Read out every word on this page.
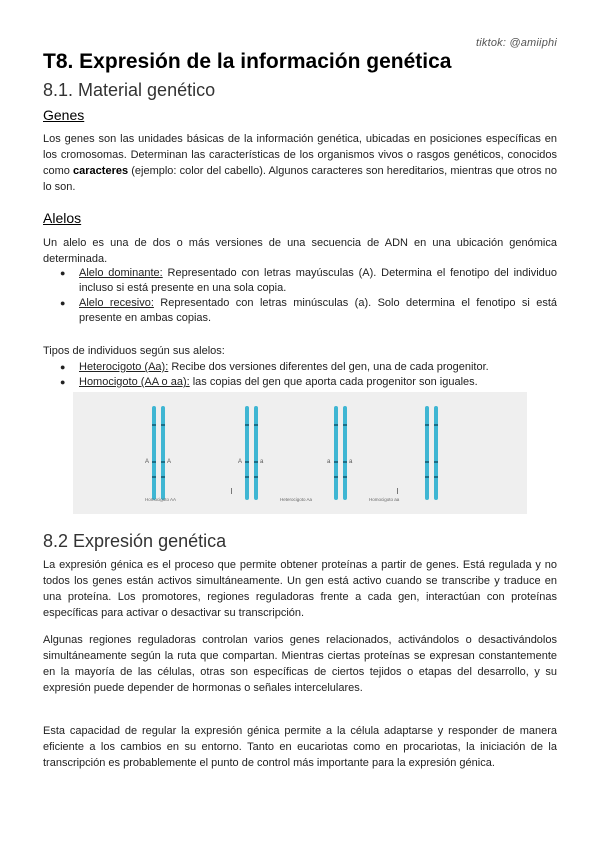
tiktok: @amiiphi
T8. Expresión de la información genética
8.1. Material genético
Genes

Los genes son las unidades básicas de la información genética, ubicadas en posiciones específicas en los cromosomas. Determinan las características de los organismos vivos o rasgos genéticos, conocidos como caracteres (ejemplo: color del cabello). Algunos caracteres son hereditarios, mientras que otros no lo son.

Alelos

Un alelo es una de dos o más versiones de una secuencia de ADN en una ubicación genómica determinada.

● Alelo dominante: Representado con letras mayúsculas (A). Determina el fenotipo del individuo incluso si está presente en una sola copia.
● Alelo recesivo: Representado con letras minúsculas (a). Solo determina el fenotipo si está presente en ambas copias.

Tipos de individuos según sus alelos:

● Heterocigoto (Aa): Recibe dos versiones diferentes del gen, una de cada progenitor.
● Homocigoto (AA o aa): las copias del gen que aporta cada progenitor son iguales.
8.2 Expresión genética

La expresión génica es el proceso que permite obtener proteínas a partir de genes. Está regulada y no todos los genes están activos simultáneamente. Un gen está activo cuando se transcribe y traduce en una proteína. Los promotores, regiones reguladoras frente a cada gen, interactúan con proteínas específicas para activar o desactivar su transcripción.

Algunas regiones reguladoras controlan varios genes relacionados, activándolos o desactivándolos simultáneamente según la ruta que compartan. Mientras ciertas proteínas se expresan constantemente en la mayoría de las células, otras son específicas de ciertos tejidos o etapas del desarrollo, y su expresión puede depender de hormonas o señales intercelulares.

Esta capacidad de regular la expresión génica permite a la célula adaptarse y responder de manera eficiente a los cambios en su entorno. Tanto en eucariotas como en procariotas, la iniciación de la transcripción es probablemente el punto de control más importante para la expresión génica.

A	A
Homocigoto AA
A	a
Heterocigoto Aa
a	a
Homocigoto aa
